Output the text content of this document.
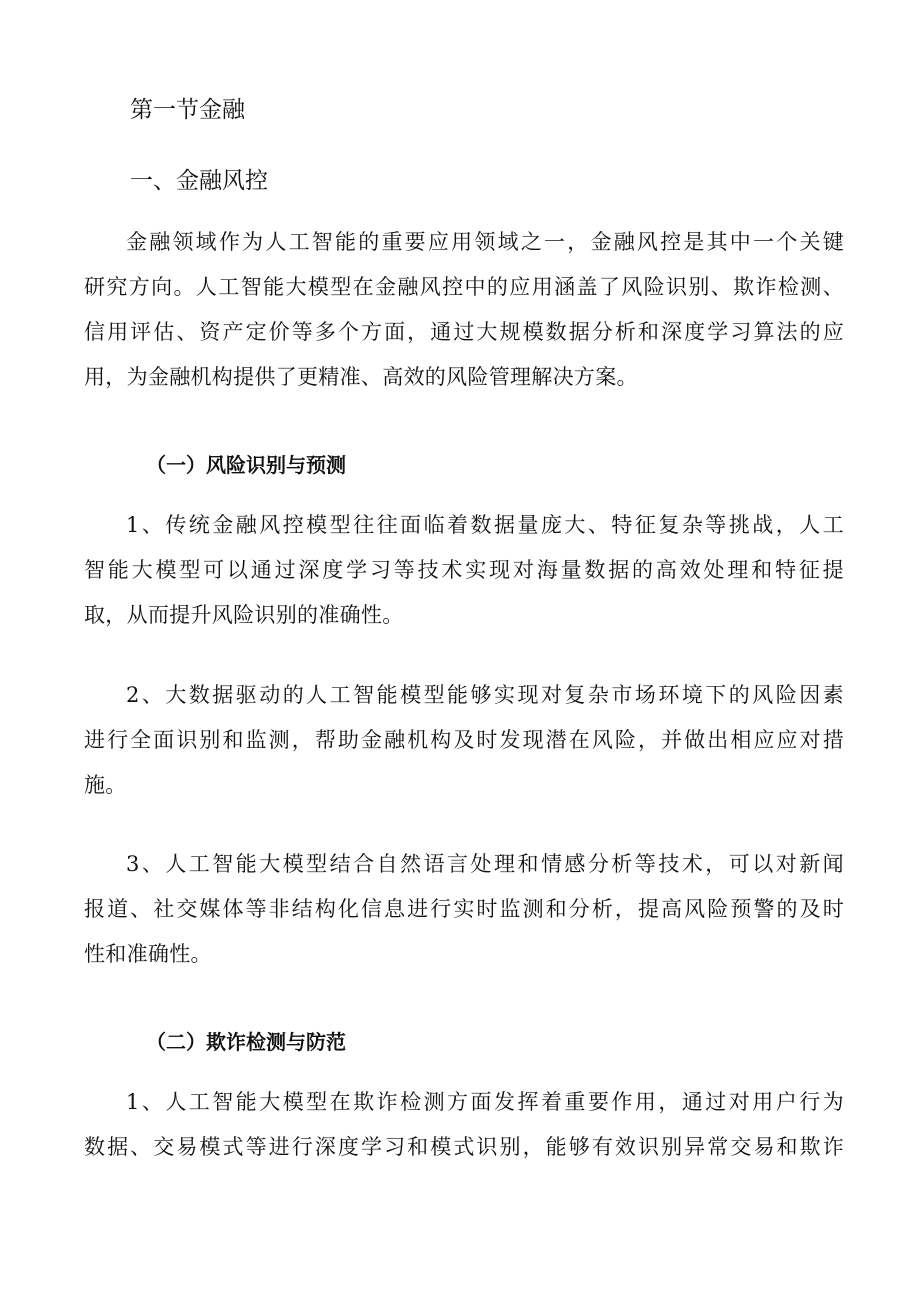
第一节金融
一、金融风控

金融领域作为人工智能的重要应用领域之一，金融风控是其中一个关键
研究方向。人工智能大模型在金融风控中的应用涵盖了风险识别、欺诈检测、
信用评估、资产定价等多个方面，通过大规模数据分析和深度学习算法的应
用，为金融机构提供了更精准、高效的风险管理解决方案。

（一）风险识别与预测

1、传统金融风控模型往往面临着数据量庞大、特征复杂等挑战，人工
智能大模型可以通过深度学习等技术实现对海量数据的高效处理和特征提
取，从而提升风险识别的准确性。

2、大数据驱动的人工智能模型能够实现对复杂市场环境下的风险因素
进行全面识别和监测，帮助金融机构及时发现潜在风险，并做出相应应对措
施。

3、人工智能大模型结合自然语言处理和情感分析等技术，可以对新闻
报道、社交媒体等非结构化信息进行实时监测和分析，提高风险预警的及时
性和准确性。

（二）欺诈检测与防范

1、人工智能大模型在欺诈检测方面发挥着重要作用，通过对用户行为
数据、交易模式等进行深度学习和模式识别，能够有效识别异常交易和欺诈
